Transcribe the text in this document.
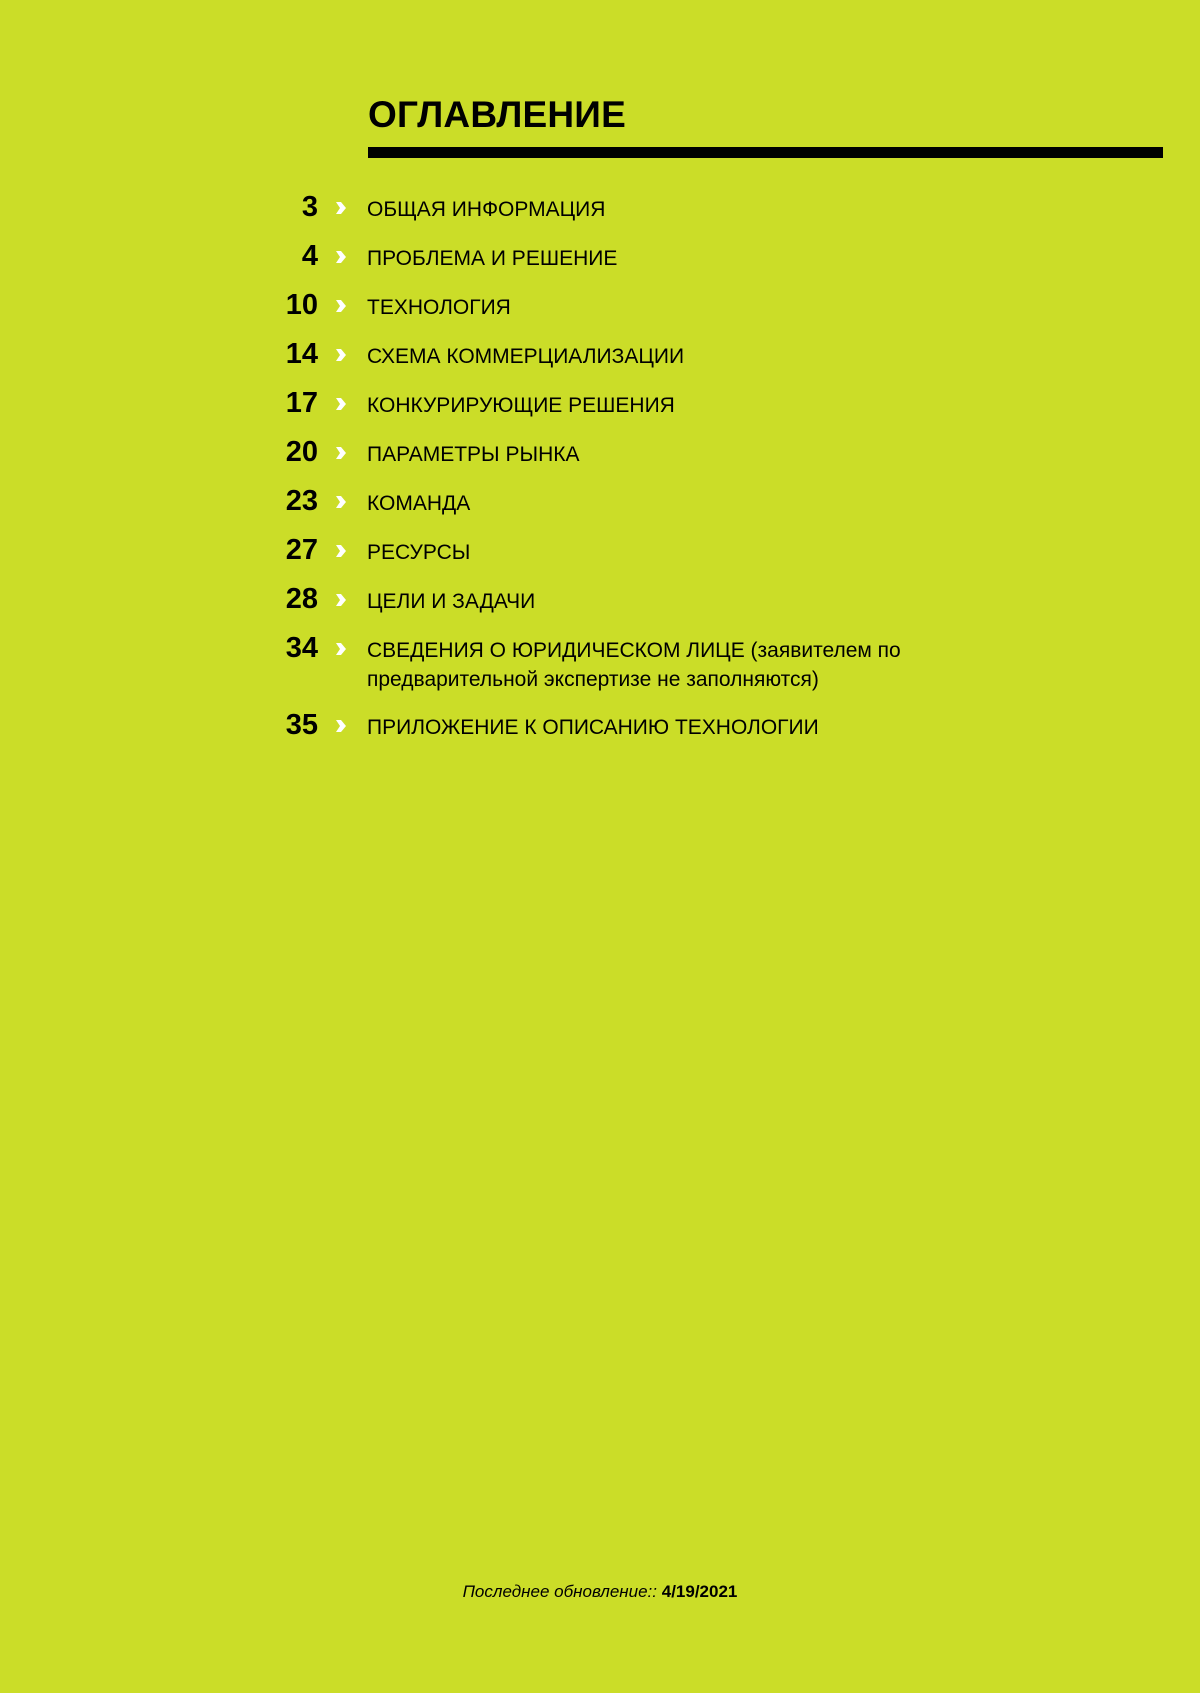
ОГЛАВЛЕНИЕ
3 ОБЩАЯ ИНФОРМАЦИЯ
4 ПРОБЛЕМА И РЕШЕНИЕ
10 ТЕХНОЛОГИЯ
14 СХЕМА КОММЕРЦИАЛИЗАЦИИ
17 КОНКУРИРУЮЩИЕ РЕШЕНИЯ
20 ПАРАМЕТРЫ РЫНКА
23 КОМАНДА
27 РЕСУРСЫ
28 ЦЕЛИ И ЗАДАЧИ
34 СВЕДЕНИЯ О ЮРИДИЧЕСКОМ ЛИЦЕ (заявителем по предварительной экспертизе не заполняются)
35 ПРИЛОЖЕНИЕ К ОПИСАНИЮ ТЕХНОЛОГИИ
Последнее обновление:: 4/19/2021
